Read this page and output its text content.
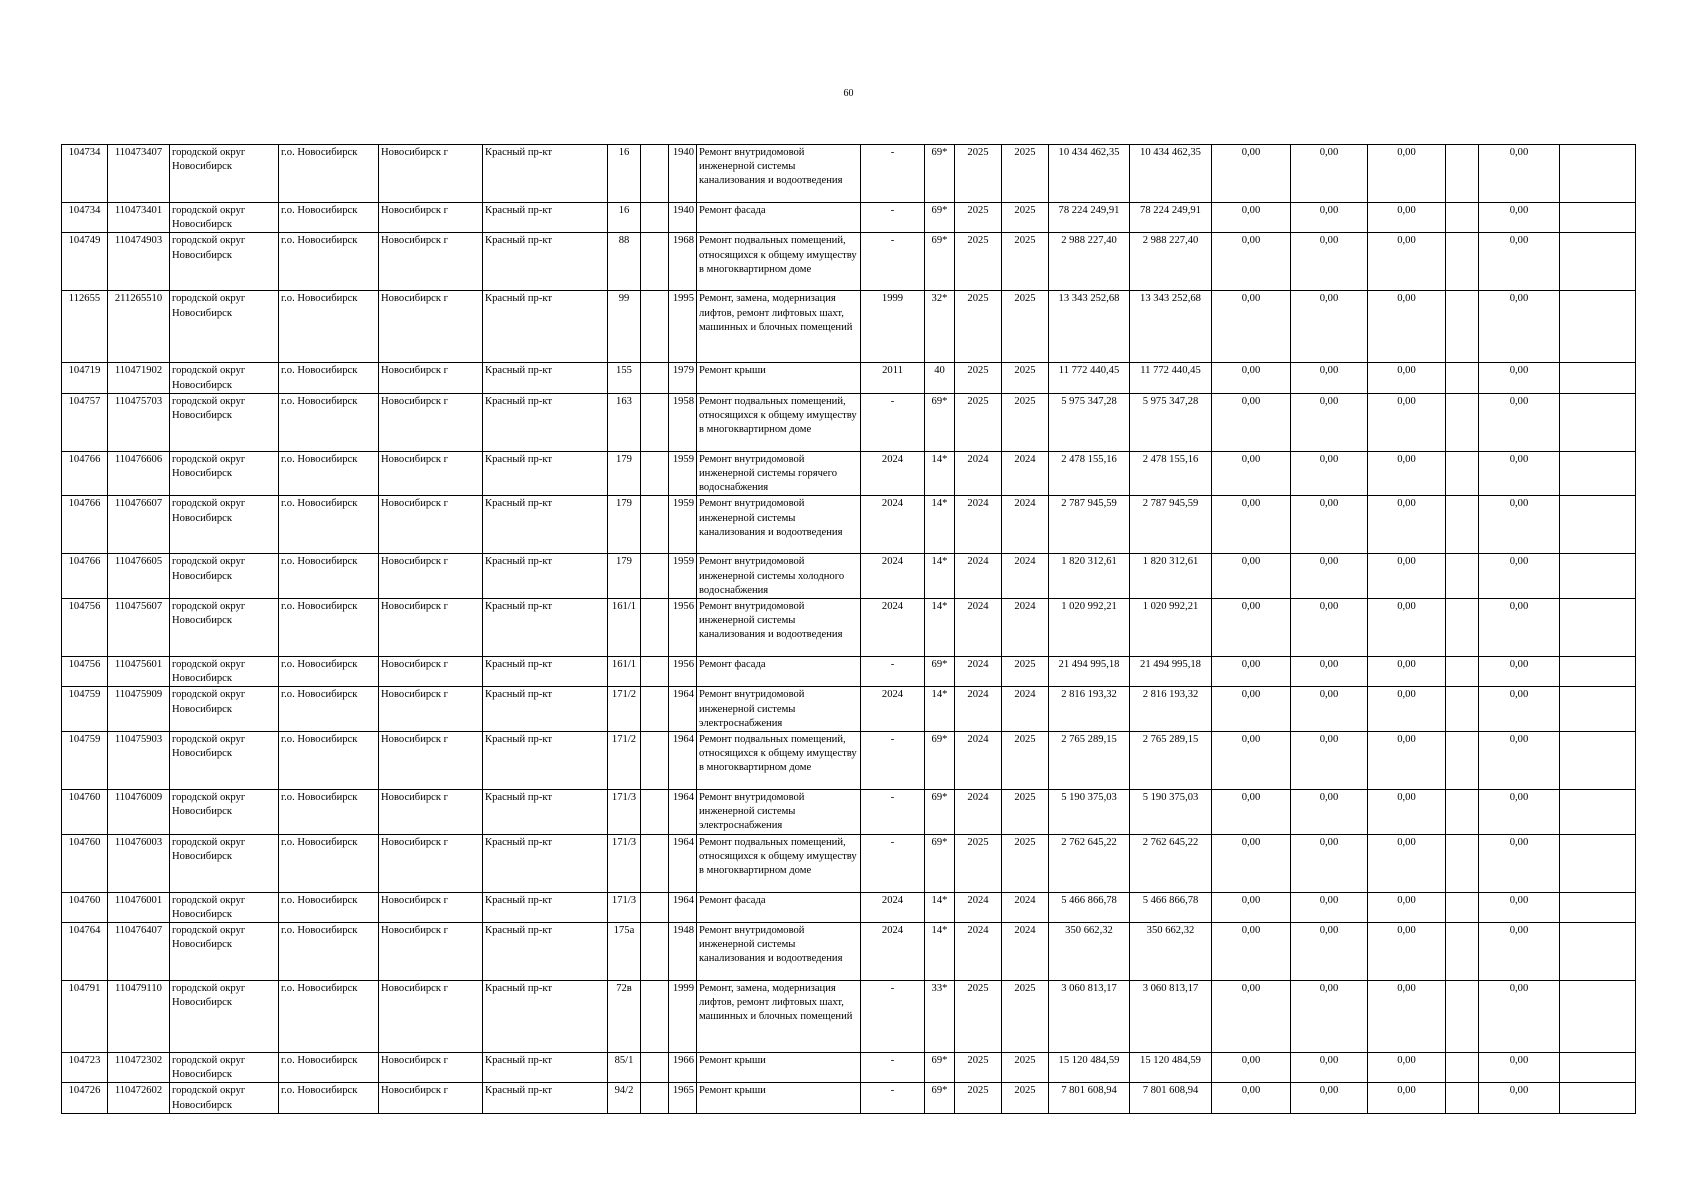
60
104734	110473407	городской округ Новосибирск	г.о. Новосибирск	Новосибирск г	Красный пр-кт	16		1940	Ремонт внутридомовой инженерной системы канализования и водоотведения	-	69*	2025	2025	10 434 462,35	10 434 462,35	0,00	0,00	0,00		0,00	
104734	110473401	городской округ Новосибирск	г.о. Новосибирск	Новосибирск г	Красный пр-кт	16		1940	Ремонт фасада	-	69*	2025	2025	78 224 249,91	78 224 249,91	0,00	0,00	0,00		0,00	
104749	110474903	городской округ Новосибирск	г.о. Новосибирск	Новосибирск г	Красный пр-кт	88		1968	Ремонт подвальных помещений, относящихся к общему имуществу в многоквартирном доме	-	69*	2025	2025	2 988 227,40	2 988 227,40	0,00	0,00	0,00		0,00	
112655	211265510	городской округ Новосибирск	г.о. Новосибирск	Новосибирск г	Красный пр-кт	99		1995	Ремонт, замена, модернизация лифтов, ремонт лифтовых шахт, машинных и блочных помещений	1999	32*	2025	2025	13 343 252,68	13 343 252,68	0,00	0,00	0,00		0,00	
104719	110471902	городской округ Новосибирск	г.о. Новосибирск	Новосибирск г	Красный пр-кт	155		1979	Ремонт крыши	2011	40	2025	2025	11 772 440,45	11 772 440,45	0,00	0,00	0,00		0,00	
104757	110475703	городской округ Новосибирск	г.о. Новосибирск	Новосибирск г	Красный пр-кт	163		1958	Ремонт подвальных помещений, относящихся к общему имуществу в многоквартирном доме	-	69*	2025	2025	5 975 347,28	5 975 347,28	0,00	0,00	0,00		0,00	
104766	110476606	городской округ Новосибирск	г.о. Новосибирск	Новосибирск г	Красный пр-кт	179		1959	Ремонт внутридомовой инженерной системы горячего водоснабжения	2024	14*	2024	2024	2 478 155,16	2 478 155,16	0,00	0,00	0,00		0,00	
104766	110476607	городской округ Новосибирск	г.о. Новосибирск	Новосибирск г	Красный пр-кт	179		1959	Ремонт внутридомовой инженерной системы канализования и водоотведения	2024	14*	2024	2024	2 787 945,59	2 787 945,59	0,00	0,00	0,00		0,00	
104766	110476605	городской округ Новосибирск	г.о. Новосибирск	Новосибирск г	Красный пр-кт	179		1959	Ремонт внутридомовой инженерной системы холодного водоснабжения	2024	14*	2024	2024	1 820 312,61	1 820 312,61	0,00	0,00	0,00		0,00	
104756	110475607	городской округ Новосибирск	г.о. Новосибирск	Новосибирск г	Красный пр-кт	161/1		1956	Ремонт внутридомовой инженерной системы канализования и водоотведения	2024	14*	2024	2024	1 020 992,21	1 020 992,21	0,00	0,00	0,00		0,00	
104756	110475601	городской округ Новосибирск	г.о. Новосибирск	Новосибирск г	Красный пр-кт	161/1		1956	Ремонт фасада	-	69*	2024	2025	21 494 995,18	21 494 995,18	0,00	0,00	0,00		0,00	
104759	110475909	городской округ Новосибирск	г.о. Новосибирск	Новосибирск г	Красный пр-кт	171/2		1964	Ремонт внутридомовой инженерной системы электроснабжения	2024	14*	2024	2024	2 816 193,32	2 816 193,32	0,00	0,00	0,00		0,00	
104759	110475903	городской округ Новосибирск	г.о. Новосибирск	Новосибирск г	Красный пр-кт	171/2		1964	Ремонт подвальных помещений, относящихся к общему имуществу в многоквартирном доме	-	69*	2024	2025	2 765 289,15	2 765 289,15	0,00	0,00	0,00		0,00	
104760	110476009	городской округ Новосибирск	г.о. Новосибирск	Новосибирск г	Красный пр-кт	171/3		1964	Ремонт внутридомовой инженерной системы электроснабжения	-	69*	2024	2025	5 190 375,03	5 190 375,03	0,00	0,00	0,00		0,00	
104760	110476003	городской округ Новосибирск	г.о. Новосибирск	Новосибирск г	Красный пр-кт	171/3		1964	Ремонт подвальных помещений, относящихся к общему имуществу в многоквартирном доме	-	69*	2025	2025	2 762 645,22	2 762 645,22	0,00	0,00	0,00		0,00	
104760	110476001	городской округ Новосибирск	г.о. Новосибирск	Новосибирск г	Красный пр-кт	171/3		1964	Ремонт фасада	2024	14*	2024	2024	5 466 866,78	5 466 866,78	0,00	0,00	0,00		0,00	
104764	110476407	городской округ Новосибирск	г.о. Новосибирск	Новосибирск г	Красный пр-кт	175а		1948	Ремонт внутридомовой инженерной системы канализования и водоотведения	2024	14*	2024	2024	350 662,32	350 662,32	0,00	0,00	0,00		0,00	
104791	110479110	городской округ Новосибирск	г.о. Новосибирск	Новосибирск г	Красный пр-кт	72в		1999	Ремонт, замена, модернизация лифтов, ремонт лифтовых шахт, машинных и блочных помещений	-	33*	2025	2025	3 060 813,17	3 060 813,17	0,00	0,00	0,00		0,00	
104723	110472302	городской округ Новосибирск	г.о. Новосибирск	Новосибирск г	Красный пр-кт	85/1		1966	Ремонт крыши	-	69*	2025	2025	15 120 484,59	15 120 484,59	0,00	0,00	0,00		0,00	
104726	110472602	городской округ Новосибирск	г.о. Новосибирск	Новосибирск г	Красный пр-кт	94/2		1965	Ремонт крыши	-	69*	2025	2025	7 801 608,94	7 801 608,94	0,00	0,00	0,00		0,00	
